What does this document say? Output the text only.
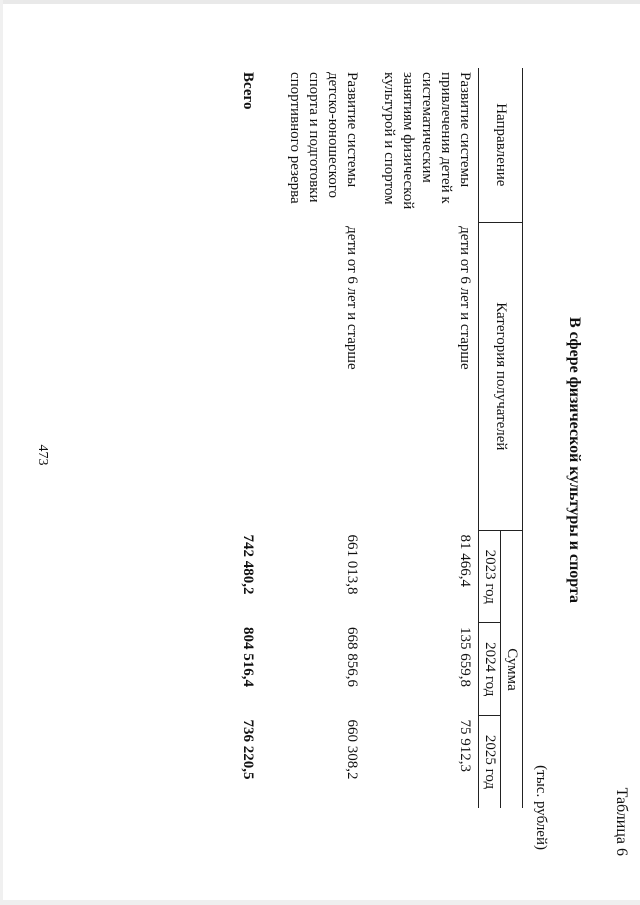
473
Таблица 6
В сфере физической культуры и спорта
(тыс. рублей)
Направление	Категория получателей	Сумма		
		2023 год	2024 год	2025 год
Развитие системы привлечения детей к систематическим занятиям физической культурой и спортом	дети от 6 лет и старше	81 466,4	135 659,8	75 912,3
Развитие системы детско-юношеского спорта и подготовки спортивного резерва	дети от 6 лет и старше	661 013,8	668 856,6	660 308,2
Всего		742 480,2	804 516,4	736 220,5
